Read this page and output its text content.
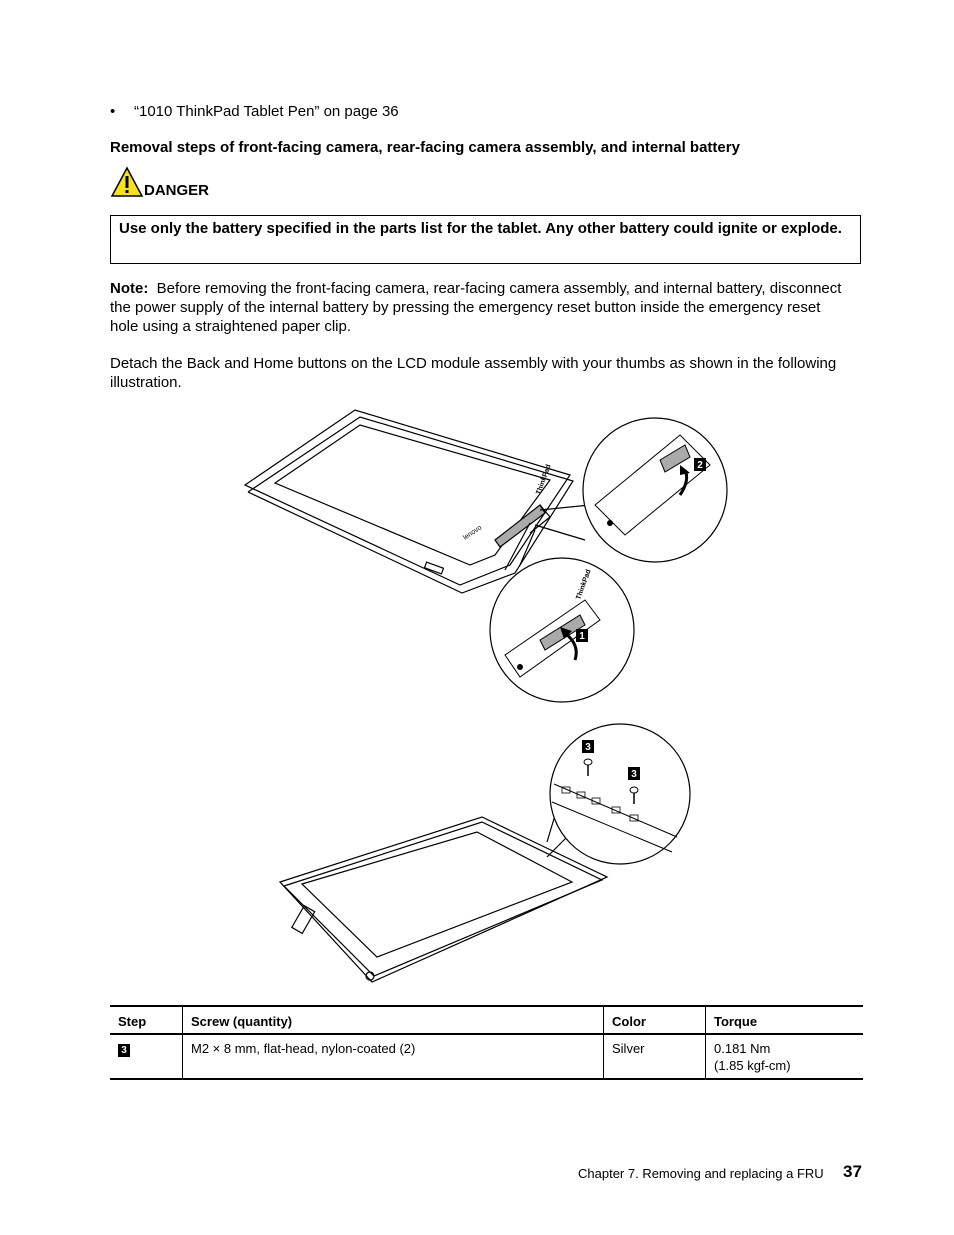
• “1010 ThinkPad Tablet Pen” on page 36
Removal steps of front-facing camera, rear-facing camera assembly, and internal battery
DANGER
Use only the battery specified in the parts list for the tablet. Any other battery could ignite or explode.
Note: Before removing the front-facing camera, rear-facing camera assembly, and internal battery, disconnect the power supply of the internal battery by pressing the emergency reset button inside the emergency reset hole using a straightened paper clip.
Detach the Back and Home buttons on the LCD module assembly with your thumbs as shown in the following illustration.
lenovo
ThinkPad	2
ThinkPad
1
3
3
Step	Screw (quantity)	Color	Torque
3	M2 × 8 mm, flat-head, nylon-coated (2)	Silver	0.181 Nm
(1.85 kgf-cm)
Chapter 7. Removing and replacing a FRU 37
